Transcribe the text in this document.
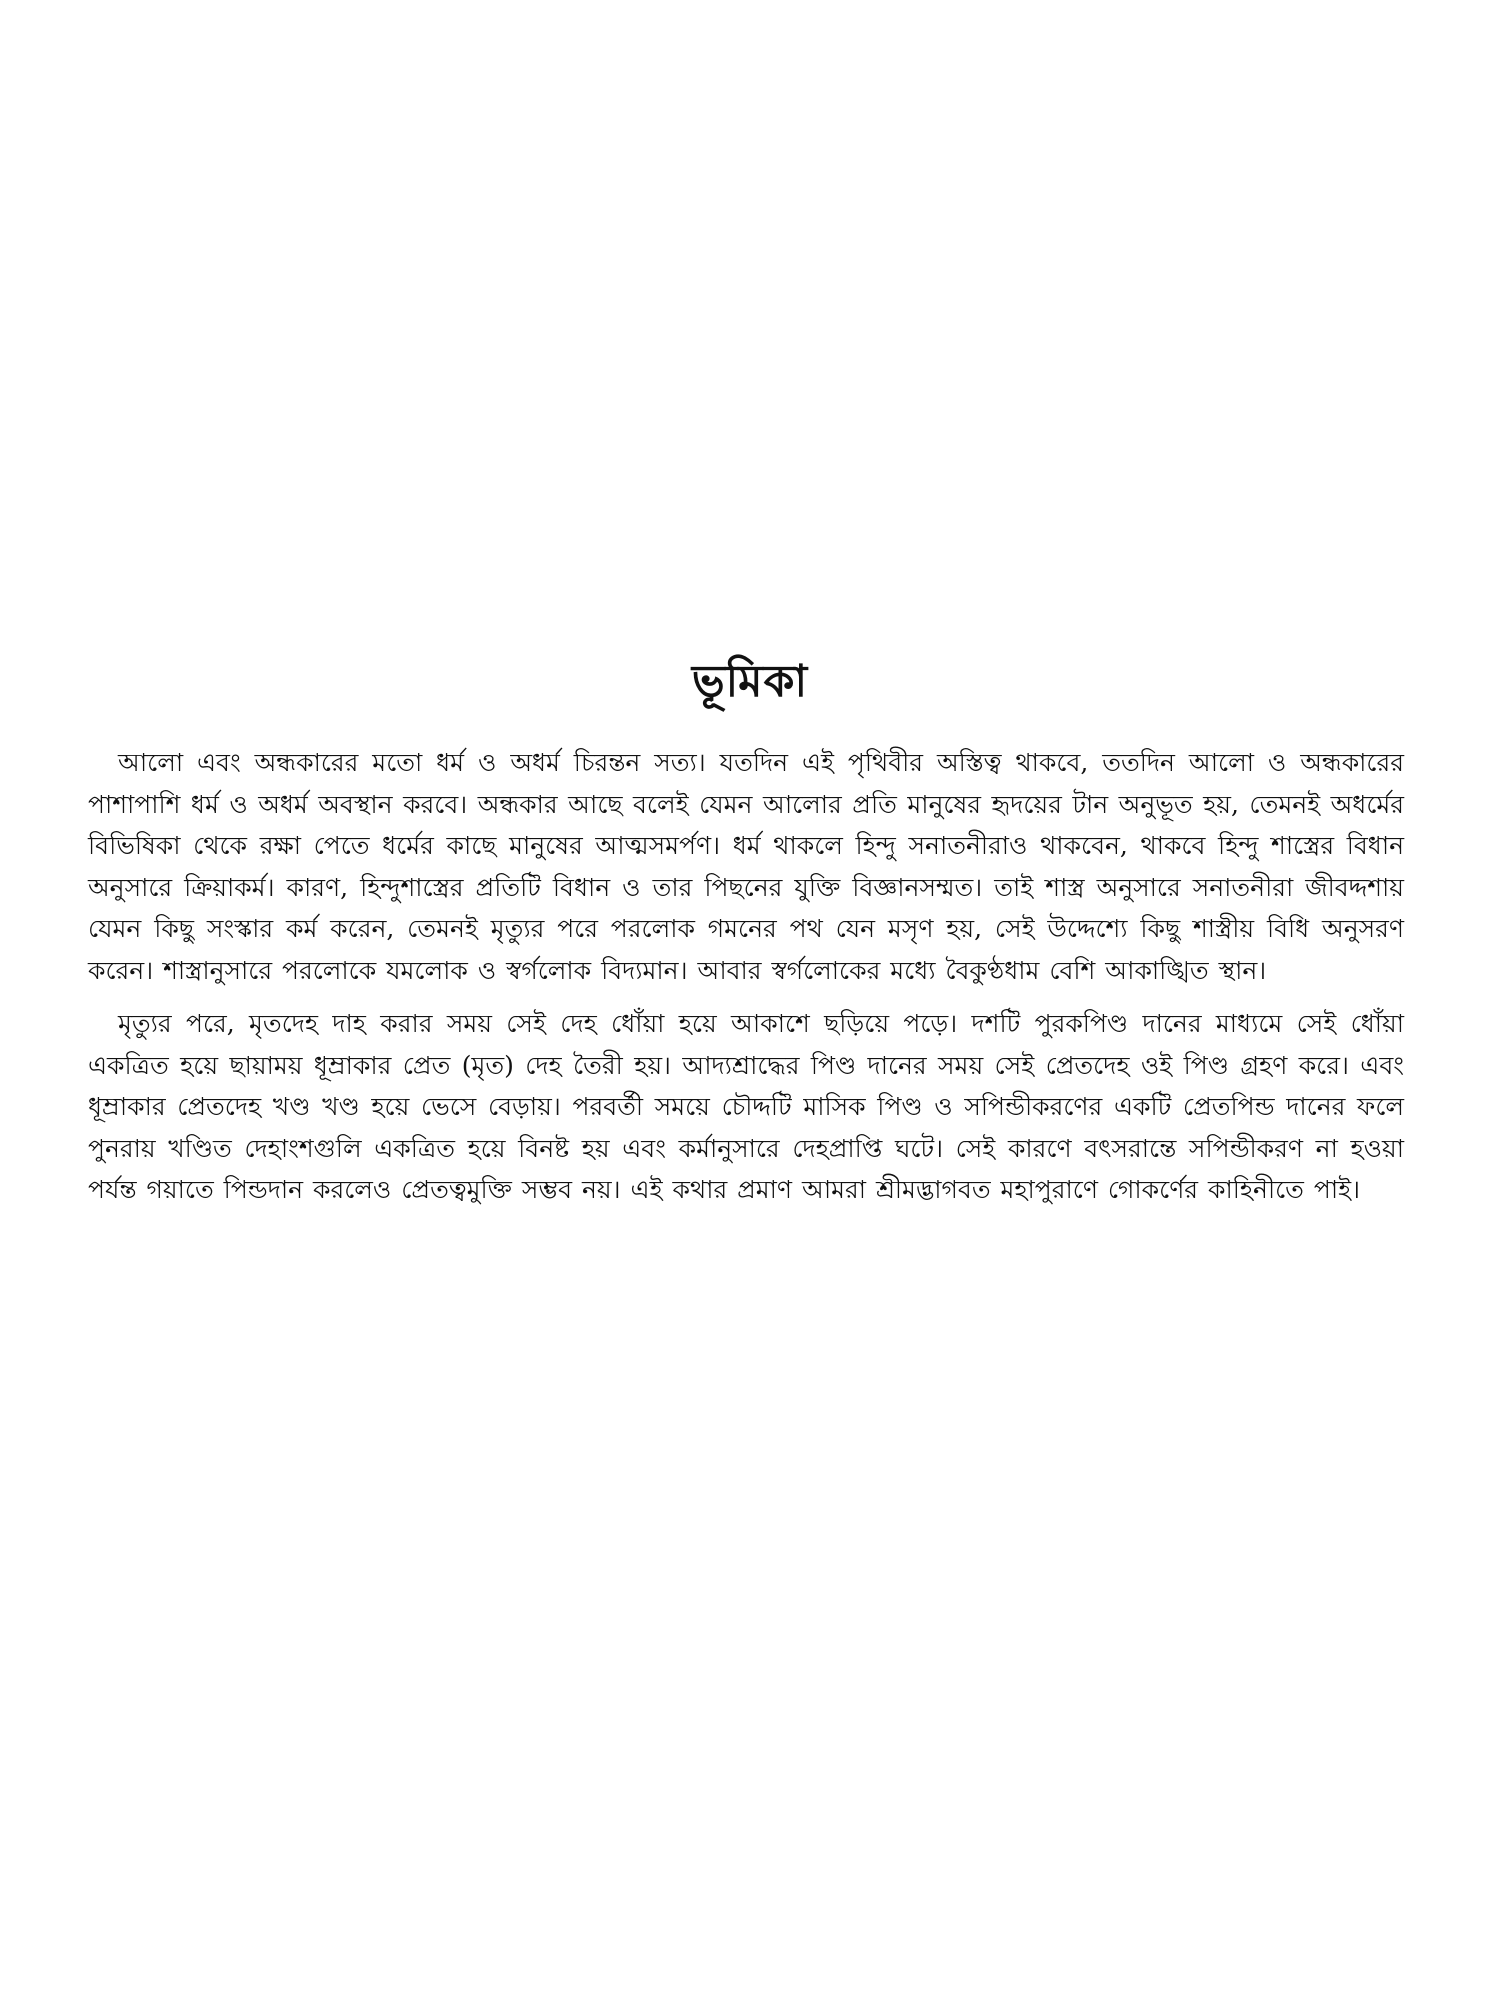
ভূমিকা

আলো এবং অন্ধকারের মতো ধর্ম ও অধর্ম চিরন্তন সত্য। যতদিন এই পৃথিবীর অস্তিত্ব থাকবে, ততদিন আলো ও অন্ধকারের পাশাপাশি ধর্ম ও অধর্ম অবস্থান করবে। অন্ধকার আছে বলেই যেমন আলোর প্রতি মানুষের হৃদয়ের টান অনুভূত হয়, তেমনই অধর্মের বিভিষিকা থেকে রক্ষা পেতে ধর্মের কাছে মানুষের আত্মসমর্পণ। ধর্ম থাকলে হিন্দু সনাতনীরাও থাকবেন, থাকবে হিন্দু শাস্ত্রের বিধান অনুসারে ক্রিয়াকর্ম। কারণ, হিন্দুশাস্ত্রের প্রতিটি বিধান ও তার পিছনের যুক্তি বিজ্ঞানসম্মত। তাই শাস্ত্র অনুসারে সনাতনীরা জীবদ্দশায় যেমন কিছু সংস্কার কর্ম করেন, তেমনই মৃত্যুর পরে পরলোক গমনের পথ যেন মসৃণ হয়, সেই উদ্দেশ্যে কিছু শাস্ত্রীয় বিধি অনুসরণ করেন। শাস্ত্রানুসারে পরলোকে যমলোক ও স্বর্গলোক বিদ্যমান। আবার স্বর্গলোকের মধ্যে বৈকুণ্ঠধাম বেশি আকাঙ্খিত স্থান।

মৃত্যুর পরে, মৃতদেহ দাহ করার সময় সেই দেহ ধোঁয়া হয়ে আকাশে ছড়িয়ে পড়ে। দশটি পুরকপিণ্ড দানের মাধ্যমে সেই ধোঁয়া একত্রিত হয়ে ছায়াময় ধূম্রাকার প্রেত (মৃত) দেহ তৈরী হয়। আদ্যশ্রাদ্ধের পিণ্ড দানের সময় সেই প্রেতদেহ ওই পিণ্ড গ্রহণ করে। এবং ধূম্রাকার প্রেতদেহ খণ্ড খণ্ড হয়ে ভেসে বেড়ায়। পরবর্তী সময়ে চৌদ্দটি মাসিক পিণ্ড ও সপিন্ডীকরণের একটি প্রেতপিন্ড দানের ফলে পুনরায় খণ্ডিত দেহাংশগুলি একত্রিত হয়ে বিনষ্ট হয় এবং কর্মানুসারে দেহপ্রাপ্তি ঘটে। সেই কারণে বৎসরান্তে সপিন্ডীকরণ না হওয়া পর্যন্ত গয়াতে পিন্ডদান করলেও প্রেতত্বমুক্তি সম্ভব নয়। এই কথার প্রমাণ আমরা শ্রীমদ্ভাগবত মহাপুরাণে গোকর্ণের কাহিনীতে পাই।
